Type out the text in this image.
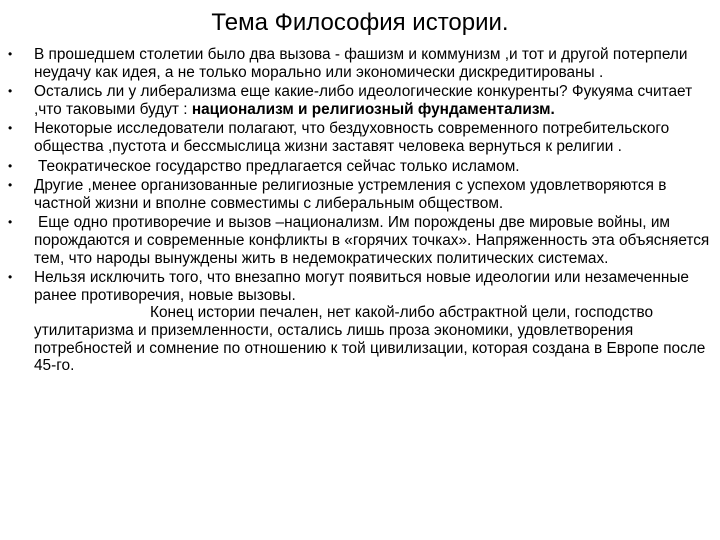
Тема Философия истории.
• В прошедшем столетии было два вызова - фашизм и коммунизм ,и тот и другой потерпели неудачу как идея, а не только морально или экономически дискредитированы .
• Остались ли у либерализма еще какие-либо идеологические конкуренты? Фукуяма считает ,что таковыми будут : национализм и религиозный фундаментализм.
• Некоторые исследователи полагают, что бездуховность современного потребительского общества ,пустота и бессмыслица жизни заставят человека вернуться к религии .
• Теократическое государство предлагается сейчас только исламом.
• Другие ,менее организованные религиозные устремления с успехом удовлетворяются в частной жизни и вполне совместимы с либеральным обществом.
• Еще одно противоречие и вызов –национализм. Им порождены две мировые войны, им порождаются и современные конфликты в «горячих точках». Напряженность эта объясняется тем, что народы вынуждены жить в недемократических политических системах.
• Нельзя исключить того, что внезапно могут появиться новые идеологии или незамеченные ранее противоречия, новые вызовы.
Конец истории печален, нет какой-либо абстрактной цели, господство утилитаризма и приземленности, остались лишь проза экономики, удовлетворения потребностей и сомнение по отношению к той цивилизации, которая создана в Европе после 45-го.
